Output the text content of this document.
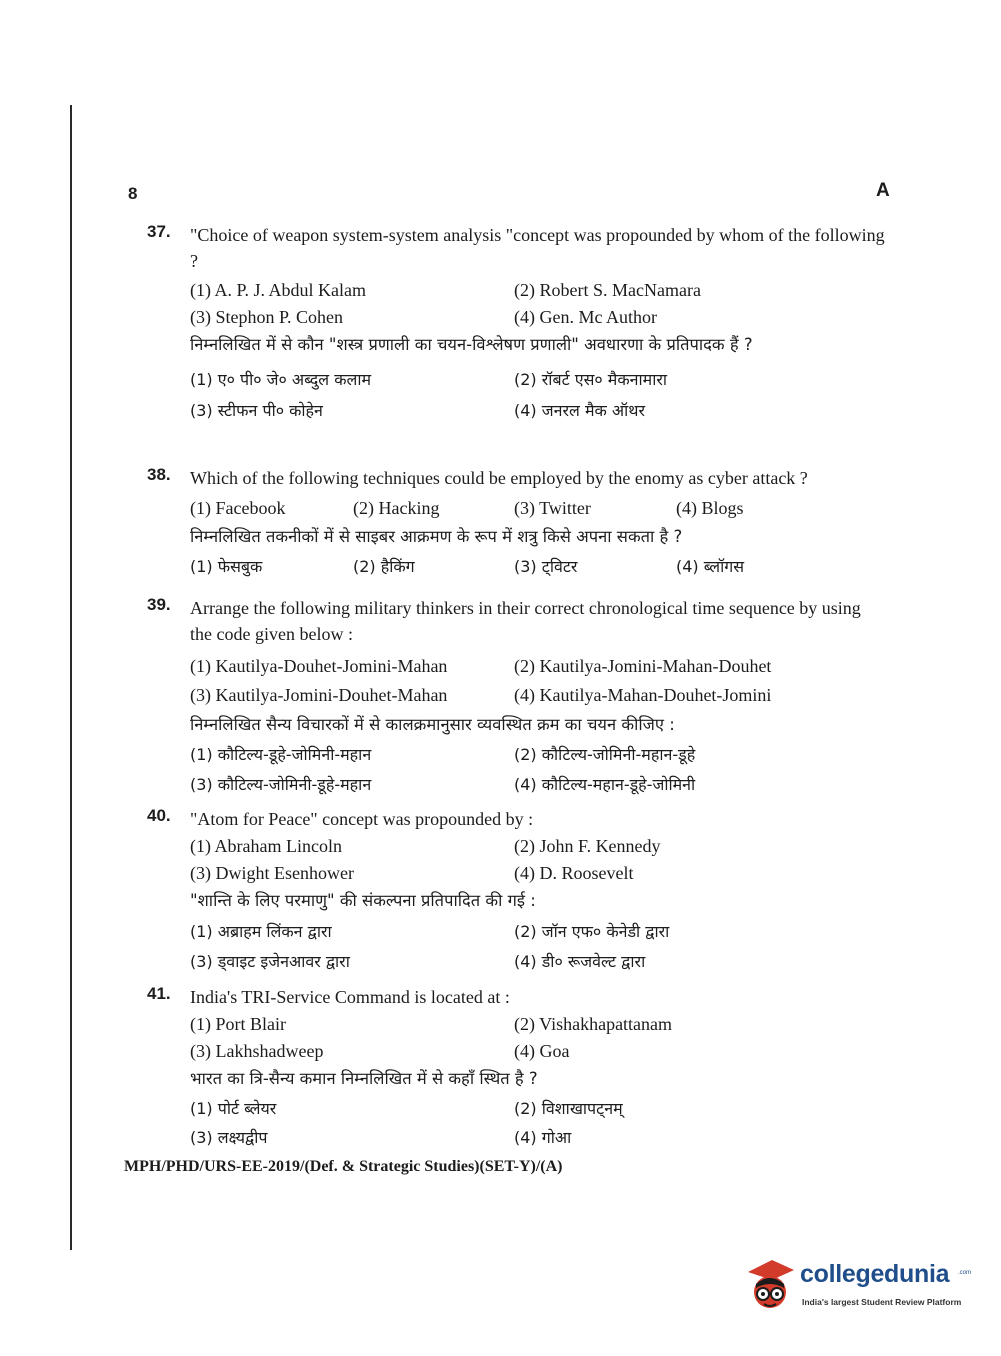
8	A
37. "Choice of weapon system-system analysis "concept was propounded by whom of the following ?
(1) A. P. J. Abdul Kalam	(2) Robert S. MacNamara
(3) Stephon P. Cohen	(4) Gen. Mc Author
निम्नलिखित में से कौन "शस्त्र प्रणाली का चयन-विश्लेषण प्रणाली" अवधारणा के प्रतिपादक हैं ?
(1) ए० पी० जे० अब्दुल कलाम	(2) रॉबर्ट एस० मैकनामारा
(3) स्टीफन पी० कोहेन	(4) जनरल मैक ऑथर
38. Which of the following techniques could be employed by the enomy as cyber attack ?
(1) Facebook	(2) Hacking	(3) Twitter	(4) Blogs
निम्नलिखित तकनीकों में से साइबर आक्रमण के रूप में शत्रु किसे अपना सकता है ?
(1) फेसबुक	(2) हैकिंग	(3) ट्विटर	(4) ब्लॉगस
39. Arrange the following military thinkers in their correct chronological time sequence by using the code given below :
(1) Kautilya-Douhet-Jomini-Mahan	(2) Kautilya-Jomini-Mahan-Douhet
(3) Kautilya-Jomini-Douhet-Mahan	(4) Kautilya-Mahan-Douhet-Jomini
निम्नलिखित सैन्य विचारकों में से कालक्रमानुसार व्यवस्थित क्रम का चयन कीजिए :
(1) कौटिल्य-डूहे-जोमिनी-महान	(2) कौटिल्य-जोमिनी-महान-डूहे
(3) कौटिल्य-जोमिनी-डूहे-महान	(4) कौटिल्य-महान-डूहे-जोमिनी
40. "Atom for Peace" concept was propounded by :
(1) Abraham Lincoln	(2) John F. Kennedy
(3) Dwight Esenhower	(4) D. Roosevelt
"शान्ति के लिए परमाणु" की संकल्पना प्रतिपादित की गई :
(1) अब्राहम लिंकन द्वारा	(2) जॉन एफ० केनेडी द्वारा
(3) ड्वाइट इजेनआवर द्वारा	(4) डी० रूजवेल्ट द्वारा
41. India's TRI-Service Command is located at :
(1) Port Blair	(2) Vishakhapattanam
(3) Lakhshadweep	(4) Goa
भारत का त्रि-सैन्य कमान निम्नलिखित में से कहाँ स्थित है ?
(1) पोर्ट ब्लेयर	(2) विशाखापट्नम्
(3) लक्ष्यद्वीप	(4) गोआ
MPH/PHD/URS-EE-2019/(Def. & Strategic Studies)(SET-Y)/(A)
collegedunia .com
India's largest Student Review Platform
